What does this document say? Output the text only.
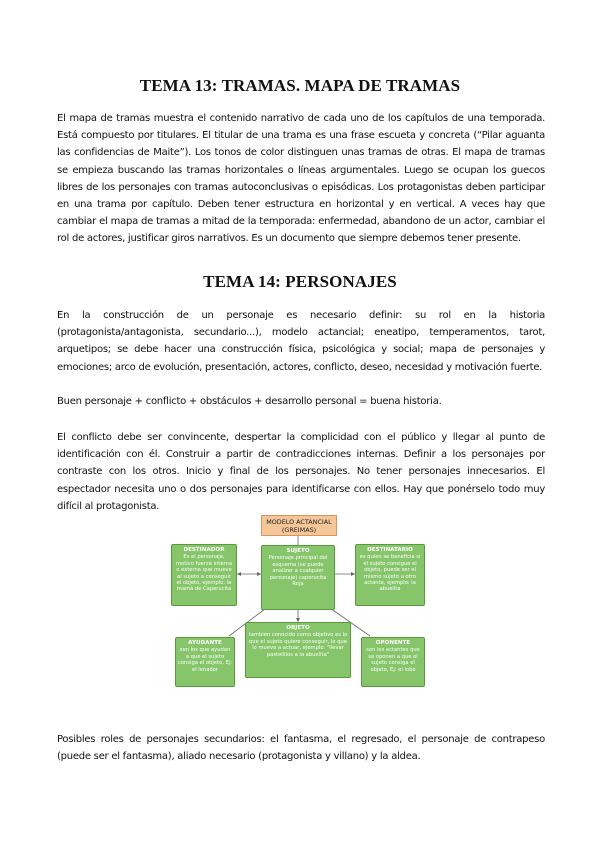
TEMA 13: TRAMAS. MAPA DE TRAMAS

El mapa de tramas muestra el contenido narrativo de cada uno de los capítulos de una temporada. Está compuesto por titulares. El titular de una trama es una frase escueta y concreta (“Pilar aguanta las confidencias de Maite”). Los tonos de color distinguen unas tramas de otras. El mapa de tramas se empieza buscando las tramas horizontales o líneas argumentales. Luego se ocupan los guecos libres de los personajes con tramas autoconclusivas o episódicas. Los protagonistas deben participar en una trama por capítulo. Deben tener estructura en horizontal y en vertical. A veces hay que cambiar el mapa de tramas a mitad de la temporada: enfermedad, abandono de un actor, cambiar el rol de actores, justificar giros narrativos. Es un documento que siempre debemos tener presente.

TEMA 14: PERSONAJES

En la construcción de un personaje es necesario definir: su rol en la historia (protagonista/antagonista, secundario...), modelo actancial; eneatipo, temperamentos, tarot, arquetipos; se debe hacer una construcción física, psicológica y social; mapa de personajes y emociones; arco de evolución, presentación, actores, conflicto, deseo, necesidad y motivación fuerte.

Buen personaje + conflicto + obstáculos + desarrollo personal = buena historia.

El conflicto debe ser convincente, despertar la complicidad con el público y llegar al punto de identificación con él. Construir a partir de contradicciones internas. Definir a los personajes por contraste con los otros. Inicio y final de los personajes. No tener personajes innecesarios. El espectador necesita uno o dos personajes para identificarse con ellos. Hay que ponérselo todo muy difícil al protagonista.

MODELO ACTANCIAL
(GREIMAS)
DESTINADOR
Es el personaje, motivo fuerza interna o externa que mueve al sujeto a conseguir el objeto, ejemplo: la mamá de Caperucita
SUJETO
Personaje principal del esquema (se puede analizar a cualquier personaje) caperucita Roja
DESTINATARIO
es quien se beneficia si el sujeto consigue el objeto, puede ser el mismo sujeto u otro actante, ejemplo: la abuelita
AYUDANTE
son los que ayudan a que el sujeto consiga el objeto, Ej: el leñador
OBJETO
también conocido como objetivo es lo que el sujeto quiere conseguir, lo que lo mueve a actuar, ejemplo: "llevar pastelillos a la abuelita"
OPONENTE
son los actantes que se oponen a que el sujeto consiga el objeto, Ej: el lobo

Posibles roles de personajes secundarios: el fantasma, el regresado, el personaje de contrapeso (puede ser el fantasma), aliado necesario (protagonista y villano) y la aldea.
